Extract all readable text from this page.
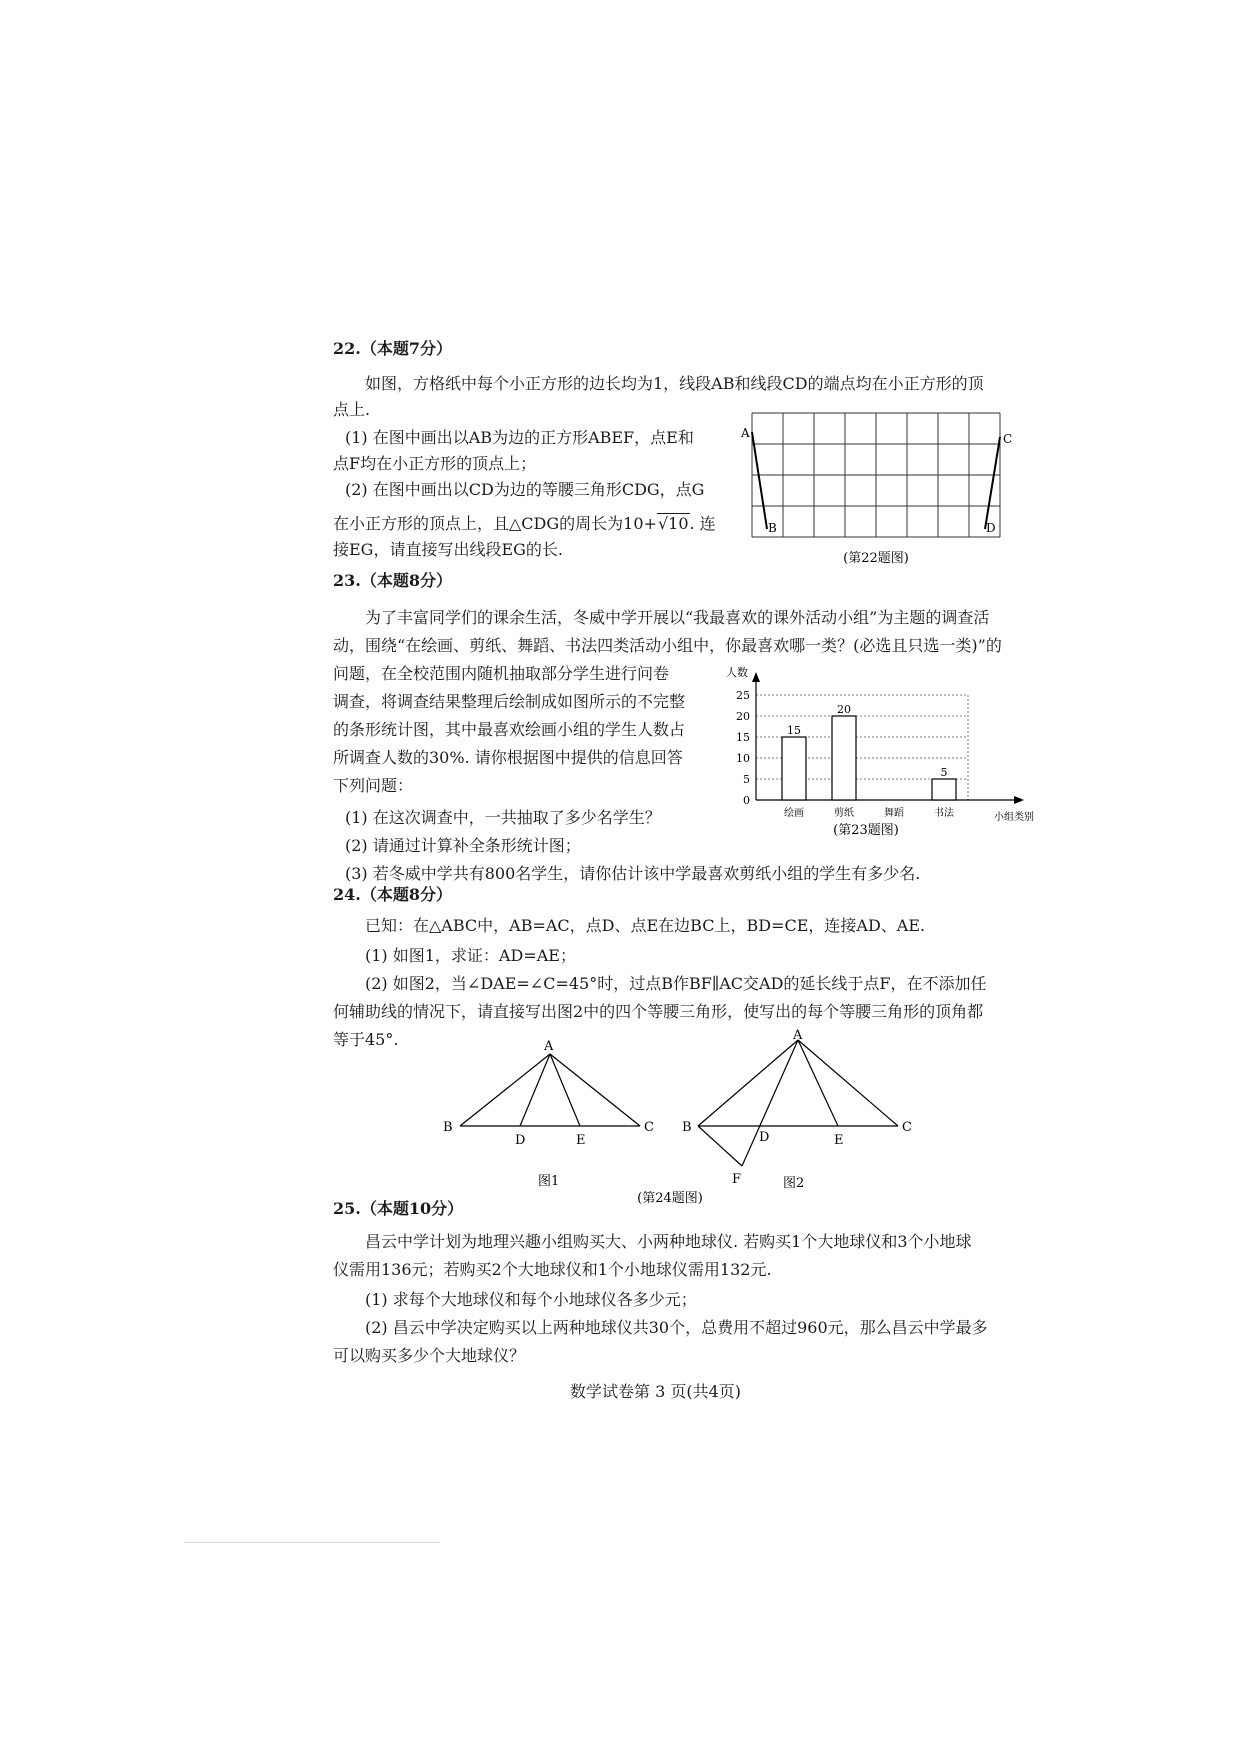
22.（本题7分）
如图，方格纸中每个小正方形的边长均为1，线段AB和线段CD的端点均在小正方形的顶
点上.
(1) 在图中画出以AB为边的正方形ABEF，点E和
点F均在小正方形的顶点上；
(2) 在图中画出以CD为边的等腰三角形CDG，点G
在小正方形的顶点上，且△CDG的周长为10+√10. 连
接EG，请直接写出线段EG的长.
A
B
C
D
(第22题图)
23.（本题8分）
为了丰富同学们的课余生活，冬威中学开展以“我最喜欢的课外活动小组”为主题的调查活
动，围绕“在绘画、剪纸、舞蹈、书法四类活动小组中，你最喜欢哪一类？(必选且只选一类)”的
问题，在全校范围内随机抽取部分学生进行问卷
调查，将调查结果整理后绘制成如图所示的不完整
的条形统计图，其中最喜欢绘画小组的学生人数占
所调查人数的30%. 请你根据图中提供的信息回答
下列问题：
(1) 在这次调查中，一共抽取了多少名学生？
(2) 请通过计算补全条形统计图；
(3) 若冬威中学共有800名学生，请你估计该中学最喜欢剪纸小组的学生有多少名.
0
5
10
15
20
25
人数
小组类别
15
绘画
20
剪纸	舞蹈
5
书法
(第23题图)
24.（本题8分）
已知：在△ABC中，AB=AC，点D、点E在边BC上，BD=CE，连接AD、AE.
(1) 如图1，求证：AD=AE；
(2) 如图2，当∠DAE=∠C=45°时，过点B作BF∥AC交AD的延长线于点F，在不添加任
何辅助线的情况下，请直接写出图2中的四个等腰三角形，使写出的每个等腰三角形的顶角都
等于45°.	A
B	C
D	E
图1
A
B	C
D	E
F	图2
(第24题图)
25.（本题10分）
昌云中学计划为地理兴趣小组购买大、小两种地球仪. 若购买1个大地球仪和3个小地球
仪需用136元；若购买2个大地球仪和1个小地球仪需用132元.
(1) 求每个大地球仪和每个小地球仪各多少元；
(2) 昌云中学决定购买以上两种地球仪共30个，总费用不超过960元，那么昌云中学最多
可以购买多少个大地球仪？
数学试卷第 3 页(共4页)
